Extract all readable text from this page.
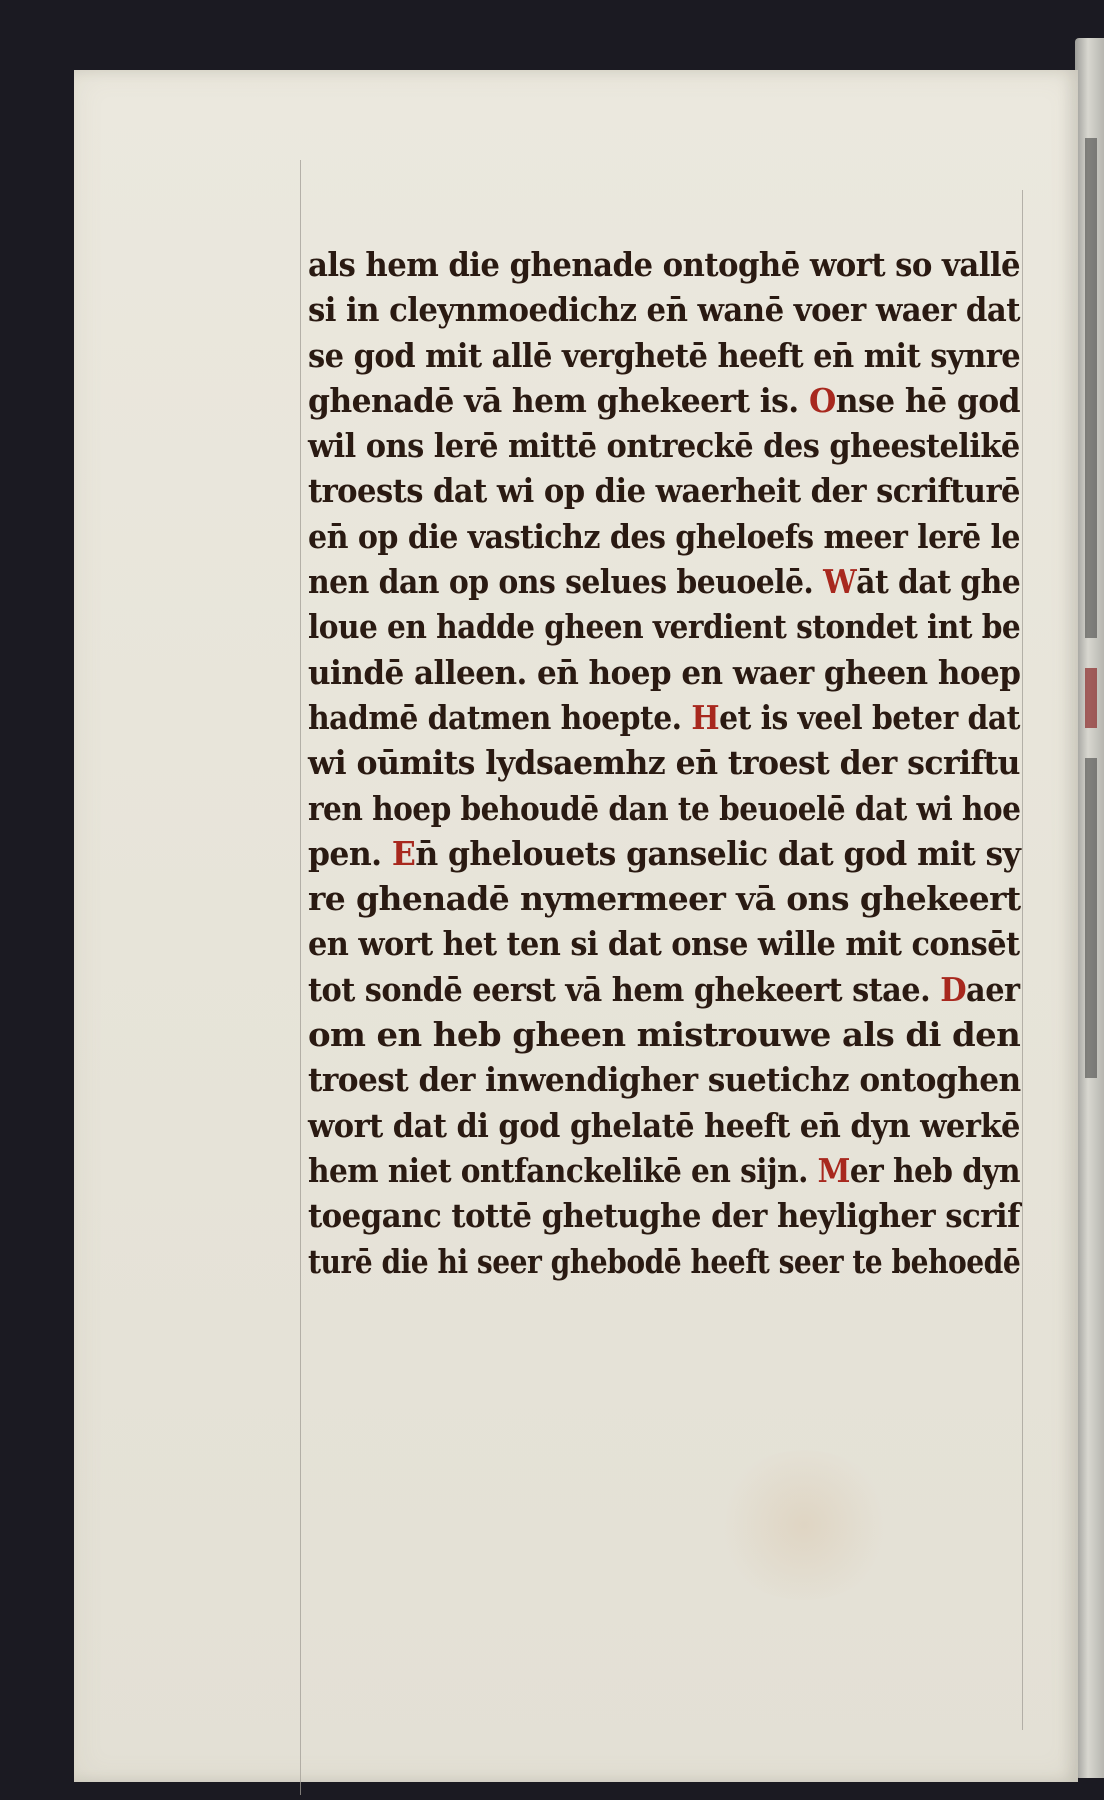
als hem die ghenade ontoghē wort so vallē
si in cleynmoedichz en̄ wanē voer waer dat
se god mit allē verghetē heeft en̄ mit synre
ghenadē vā hem ghekeert is. Onse hē god
wil ons lerē mittē ontreckē des gheestelikē
troests dat wi op die waerheit der scrifturē
en̄ op die vastichz des gheloefs meer lerē le
nen dan op ons selues beuoelē. Wāt dat ghe
loue en hadde gheen verdient stondet int be
uindē alleen. en̄ hoep en waer gheen hoep
hadmē datmen hoepte. Het is veel beter dat
wi oūmits lydsaemhz en̄ troest der scriftu
ren hoep behoudē dan te beuoelē dat wi hoe
pen. En̄ ghelouets ganselic dat god mit sy
re ghenadē nymermeer vā ons ghekeert
en wort het ten si dat onse wille mit consēt
tot sondē eerst vā hem ghekeert stae. Daer
om en heb gheen mistrouwe als di den
troest der inwendigher suetichz ontoghen
wort dat di god ghelatē heeft en̄ dyn werkē
hem niet ontfanckelikē en sijn. Mer heb dyn
toeganc tottē ghetughe der heyligher scrif
turē die hi seer ghebodē heeft seer te behoedē
